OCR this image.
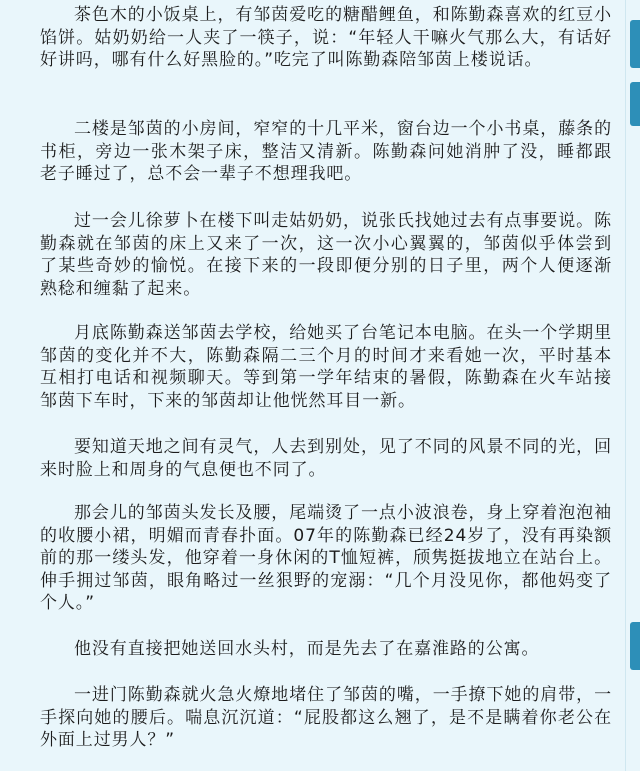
茶色木的小饭桌上，有邹茵爱吃的糖醋鲤鱼，和陈勤森喜欢的红豆小馅饼。姑奶奶给一人夹了一筷子，说：“年轻人干嘛火气那么大，有话好好讲吗，哪有什么好黑脸的。”吃完了叫陈勤森陪邹茵上楼说话。

二楼是邹茵的小房间，窄窄的十几平米，窗台边一个小书桌，藤条的书柜，旁边一张木架子床，整洁又清新。陈勤森问她消肿了没，睡都跟老子睡过了，总不会一辈子不想理我吧。

过一会儿徐萝卜在楼下叫走姑奶奶，说张氏找她过去有点事要说。陈勤森就在邹茵的床上又来了一次，这一次小心翼翼的，邹茵似乎体尝到了某些奇妙的愉悦。在接下来的一段即便分别的日子里，两个人便逐渐熟稔和缠黏了起来。

月底陈勤森送邹茵去学校，给她买了台笔记本电脑。在头一个学期里邹茵的变化并不大，陈勤森隔二三个月的时间才来看她一次，平时基本互相打电话和视频聊天。等到第一学年结束的暑假，陈勤森在火车站接邹茵下车时，下来的邹茵却让他恍然耳目一新。

要知道天地之间有灵气，人去到别处，见了不同的风景不同的光，回来时脸上和周身的气息便也不同了。

那会儿的邹茵头发长及腰，尾端烫了一点小波浪卷，身上穿着泡泡袖的收腰小裙，明媚而青春扑面。07年的陈勤森已经24岁了，没有再染额前的那一缕头发，他穿着一身休闲的T恤短裤，颀隽挺拔地立在站台上。伸手拥过邹茵，眼角略过一丝狠野的宠溺：“几个月没见你，都他妈变了个人。”

他没有直接把她送回水头村，而是先去了在嘉淮路的公寓。

一进门陈勤森就火急火燎地堵住了邹茵的嘴，一手撩下她的肩带，一手探向她的腰后。喘息沉沉道：“屁股都这么翘了，是不是瞒着你老公在外面上过男人？”
